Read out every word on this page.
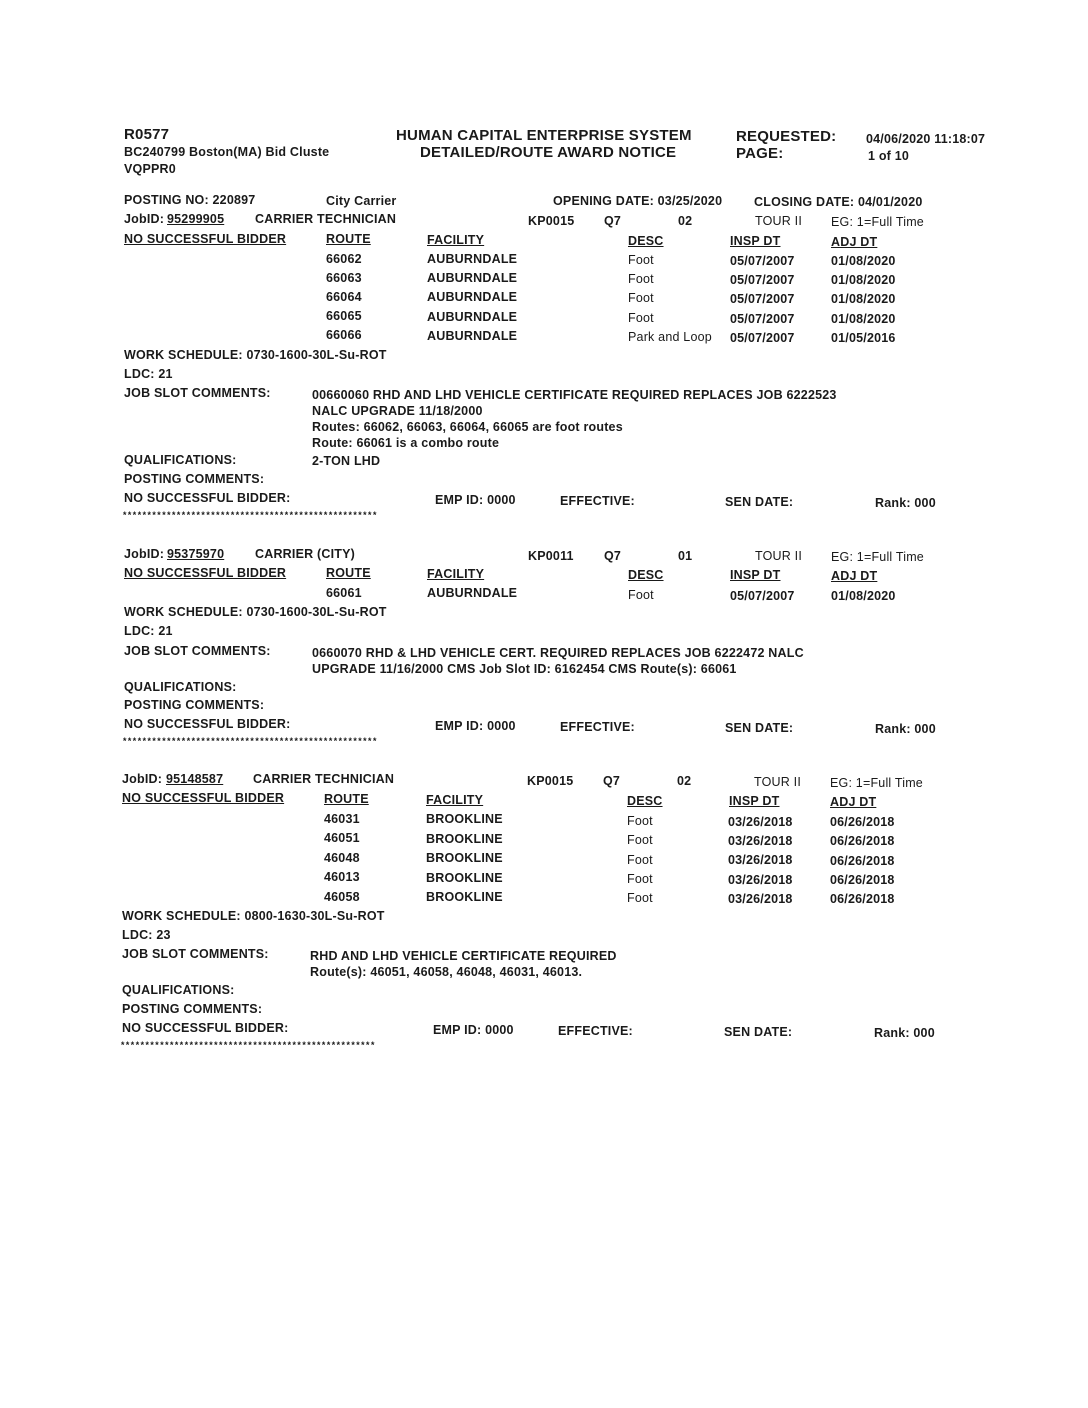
R0577
BC240799 Boston(MA) Bid Cluste
VQPPR0
HUMAN CAPITAL ENTERPRISE SYSTEM
DETAILED/ROUTE AWARD NOTICE
REQUESTED: 04/06/2020 11:18:07
PAGE:	1 of 10
POSTING NO: 220897	City Carrier	OPENING DATE: 03/25/2020	CLOSING DATE: 04/01/2020
JobID: 95299905 CARRIER TECHNICIAN	KP0015 Q7	02	TOUR II EG: 1=Full Time
NO SUCCESSFUL BIDDER	ROUTE	FACILITY	DESC	INSP DT	ADJ DT
66062	AUBURNDALE	Foot	05/07/2007	01/08/2020
66063	AUBURNDALE	Foot	05/07/2007	01/08/2020
66064	AUBURNDALE	Foot	05/07/2007	01/08/2020
66065	AUBURNDALE	Foot	05/07/2007	01/08/2020
66066	AUBURNDALE	Park and Loop 05/07/2007	01/05/2016
WORK SCHEDULE: 0730-1600-30L-Su-ROT
LDC: 21
JOB SLOT COMMENTS:	00660060 RHD AND LHD VEHICLE CERTIFICATE REQUIRED REPLACES JOB 6222523
NALC UPGRADE 11/18/2000
Routes: 66062, 66063, 66064, 66065 are foot routes
Route: 66061 is a combo route
QUALIFICATIONS:	2-TON LHD
POSTING COMMENTS:
NO SUCCESSFUL BIDDER:	EMP ID: 0000	EFFECTIVE:	SEN DATE:	Rank: 000
****************************************************
JobID: 95375970 CARRIER (CITY)	KP0011 Q7	01	TOUR II EG: 1=Full Time
NO SUCCESSFUL BIDDER	ROUTE	FACILITY	DESC	INSP DT	ADJ DT
66061	AUBURNDALE	Foot	05/07/2007	01/08/2020
WORK SCHEDULE: 0730-1600-30L-Su-ROT
LDC: 21
JOB SLOT COMMENTS:	0660070 RHD & LHD VEHICLE CERT. REQUIRED REPLACES JOB 6222472 NALC
UPGRADE 11/16/2000 CMS Job Slot ID: 6162454 CMS Route(s): 66061
QUALIFICATIONS:
POSTING COMMENTS:
NO SUCCESSFUL BIDDER:	EMP ID: 0000	EFFECTIVE:	SEN DATE:	Rank: 000
****************************************************
JobID: 95148587 CARRIER TECHNICIAN	KP0015 Q7	02	TOUR II EG: 1=Full Time
NO SUCCESSFUL BIDDER	ROUTE	FACILITY	DESC	INSP DT	ADJ DT
46031	BROOKLINE	Foot	03/26/2018	06/26/2018
46051	BROOKLINE	Foot	03/26/2018	06/26/2018
46048	BROOKLINE	Foot	03/26/2018	06/26/2018
46013	BROOKLINE	Foot	03/26/2018	06/26/2018
46058	BROOKLINE	Foot	03/26/2018	06/26/2018
WORK SCHEDULE: 0800-1630-30L-Su-ROT
LDC: 23
JOB SLOT COMMENTS:	RHD AND LHD VEHICLE CERTIFICATE REQUIRED
Route(s): 46051, 46058, 46048, 46031, 46013.
QUALIFICATIONS:
POSTING COMMENTS:
NO SUCCESSFUL BIDDER:	EMP ID: 0000	EFFECTIVE:	SEN DATE:	Rank: 000
****************************************************
